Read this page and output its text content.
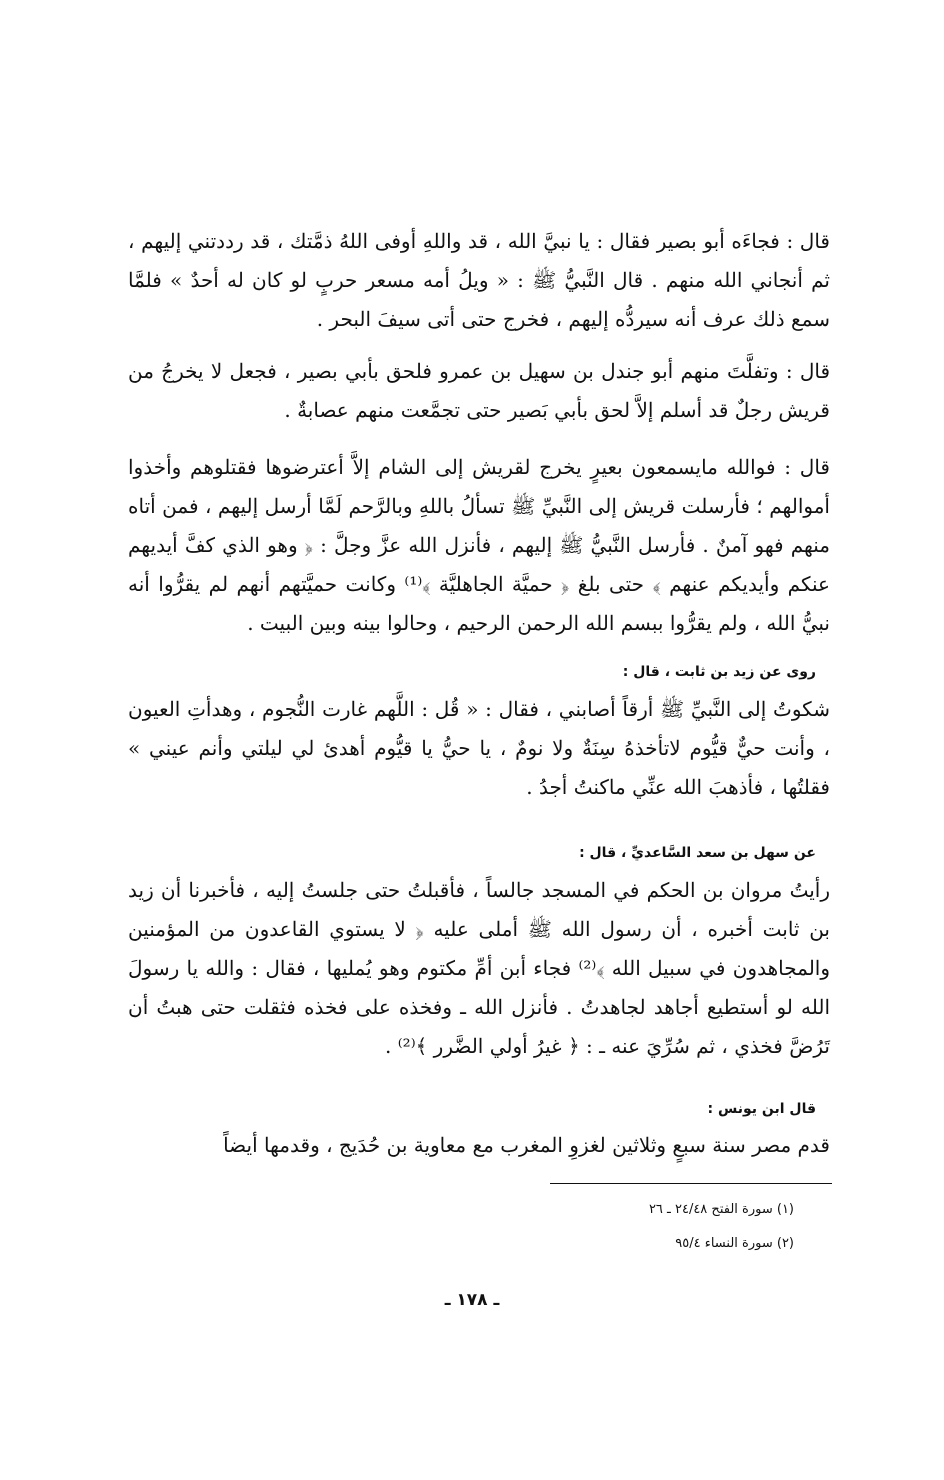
قال : فجاءَه أبو بصير فقال : يا نبيَّ الله ، قد واللهِ أوفى اللهُ ذمَّتك ، قد رددتني إليهم ، ثم أنجاني الله منهم . قال النَّبيُّ ﷺ : « ويلُ أمه مسعر حربٍ لو كان له أحدٌ » فلمَّا سمع ذلك عرف أنه سيردُّه إليهم ، فخرج حتى أتى سيفَ البحر .

قال : وتفلَّتَ منهم أبو جندل بن سهيل بن عمرو فلحق بأبي بصير ، فجعل لا يخرجُ من قريش رجلٌ قد أسلم إلاَّ لحق بأبي بَصير حتى تجمَّعت منهم عصابةٌ .

قال : فوالله مايسمعون بعيرٍ يخرج لقريش إلى الشام إلاَّ أعترضوها فقتلوهم وأخذوا أموالهم ؛ فأرسلت قريش إلى النَّبيِّ ﷺ تسألُ باللهِ وبالرَّحم لَمَّا أرسل إليهم ، فمن أتاه منهم فهو آمنٌ . فأرسل النَّبيُّ ﷺ إليهم ، فأنزل الله عزَّ وجلَّ : ﴿ وهو الذي كفَّ أيديهم عنكم وأيديكم عنهم ﴾ حتى بلغ ﴿ حميَّة الجاهليَّة ﴾⁽¹⁾ وكانت حميَّتهم أنهم لم يقرُّوا أنه نبيُّ الله ، ولم يقرُّوا ببسم الله الرحمن الرحيم ، وحالوا بينه وبين البيت .

روى عن زيد بن ثابت ، قال :

شكوتُ إلى النَّبيِّ ﷺ أرقاً أصابني ، فقال : « قُل : اللَّهم غارت النُّجوم ، وهدأتِ العيون ، وأنت حيٌّ قيُّوم لاتأخذهُ سِنَةٌ ولا نومٌ ، يا حيُّ يا قيُّوم أهدئ لي ليلتي وأنم عيني » فقلتُها ، فأذهبَ الله عنِّي ماكنتُ أجدُ .

عن سهل بن سعد السَّاعديِّ ، قال :

رأيتُ مروان بن الحكم في المسجد جالساً ، فأقبلتُ حتى جلستُ إليه ، فأخبرنا أن زيد بن ثابت أخبره ، أن رسول الله ﷺ أملى عليه ﴿ لا يستوي القاعدون من المؤمنين والمجاهدون في سبيل الله ﴾⁽²⁾ فجاء أبن أمِّ مكتوم وهو يُمليها ، فقال : والله يا رسولَ الله لو أستطيع أجاهد لجاهدتُ . فأنزل الله ـ وفخذه على فخذه فثقلت حتى هبتُ أن تَرُضَّ فخذي ، ثم سُرِّيَ عنه ـ : ﴿ غيرُ أولي الضَّرر ﴾⁽²⁾ .

قال ابن يونس :

قدم مصر سنة سبعٍ وثلاثين لغزوِ المغرب مع معاوية بن حُدَيج ، وقدمها أيضاً

(١) سورة الفتح ٢٤/٤٨ ـ ٢٦

(٢) سورة النساء ٩٥/٤

ـ ١٧٨ ـ
